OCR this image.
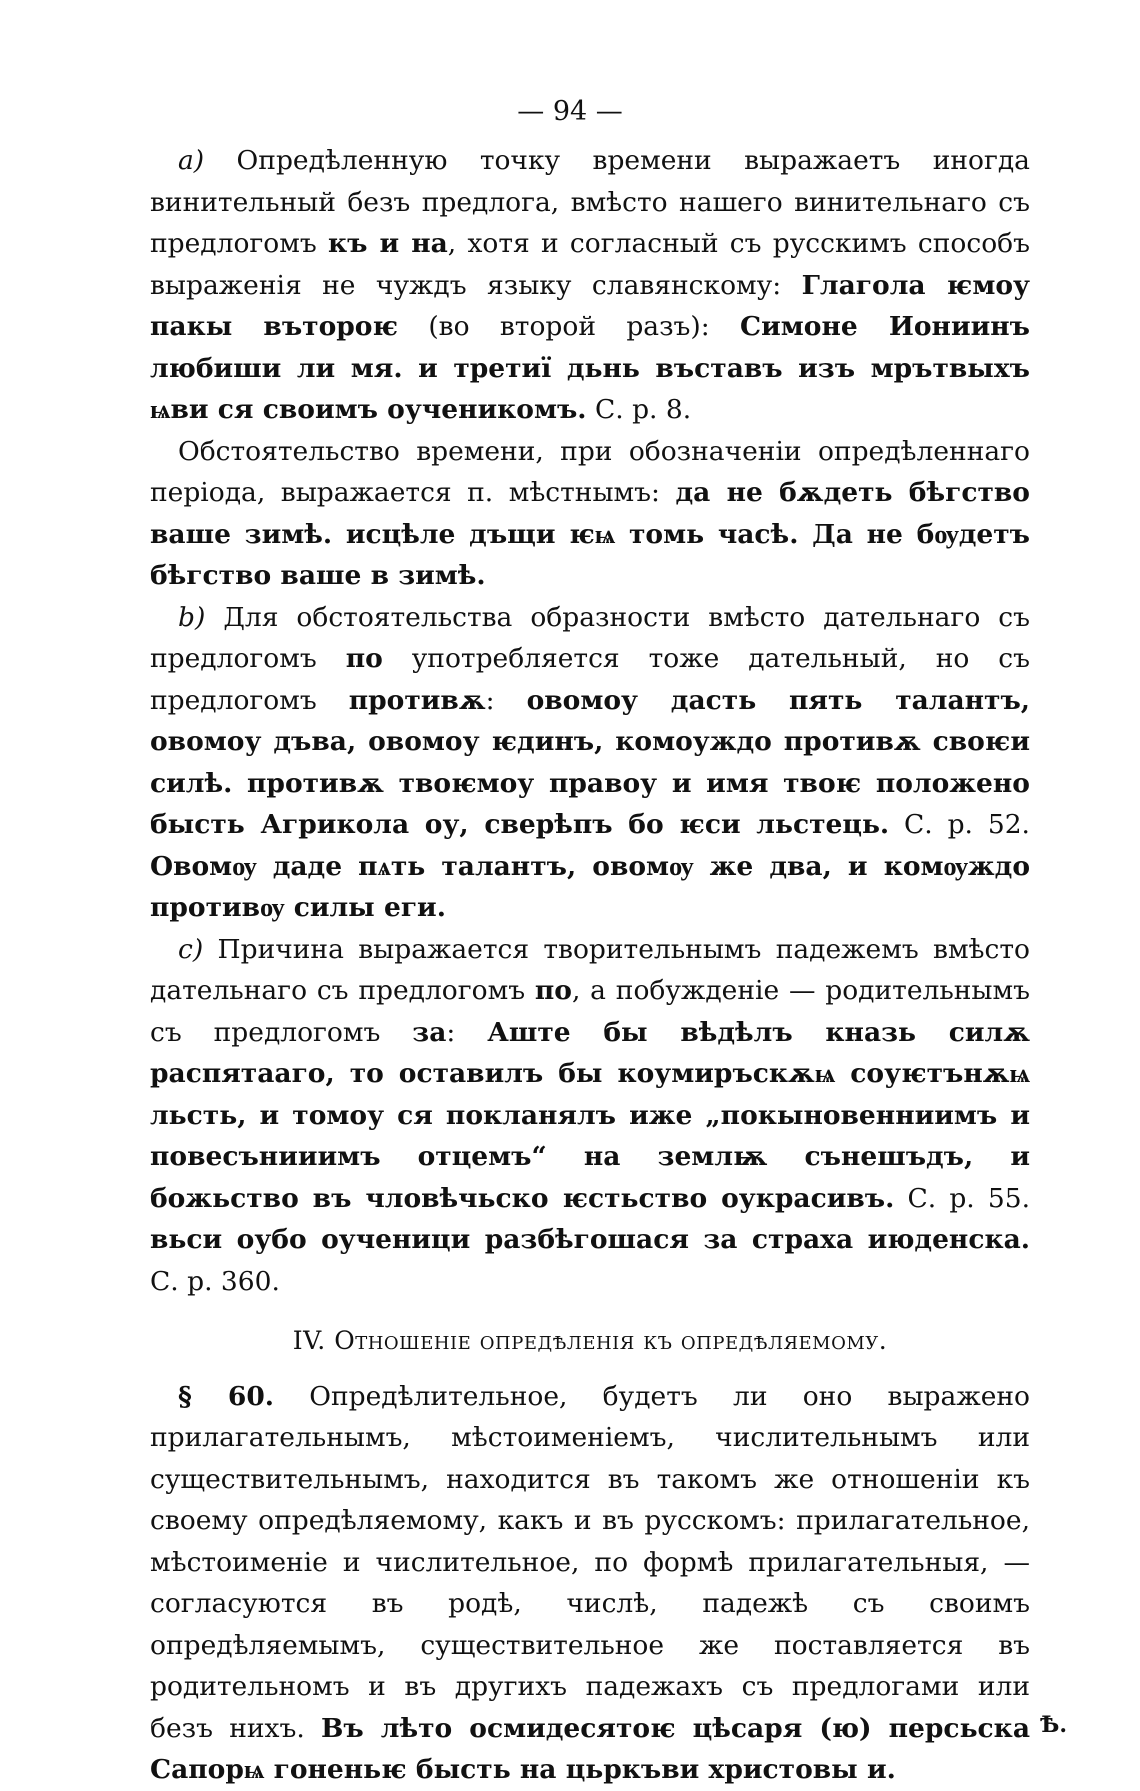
— 94 —

a) Опредѣленную точку времени выражаетъ иногда винительный безъ предлога, вмѣсто нашего винительнаго съ предлогомъ къ и на, хотя и согласный съ русскимъ способъ выраженія не чуждъ языку славянскому: Глагола ѥмоу пакы въторoѥ (во второй разъ): Симоне Иониинъ любиши ли мя. и третиї дьнь въставъ изъ мрътвыхъ ѩви ся своимъ оученикомъ. С. р. 8.

Обстоятельство времени, при обозначеніи опредѣленнаго періода, выражается п. мѣстнымъ: да не бѫдеть бѣгство ваше зимѣ. исцѣле дъщи ѥѩ томь часѣ. Да не бѹдетъ бѣгство ваше в зимѣ.

b) Для обстоятельства образности вмѣсто дательнаго съ предлогомъ по употребляется тоже дательный, но съ предлогомъ противѫ: овомоу дасть пять талантъ, овомоу дъва, овомоу ѥдинъ, комоуждо противѫ своѥи силѣ. противѫ твоѥмоу правоу и имя твоѥ положено бысть Агрикола оу, сверѣпъ бо ѥси льстець. С. р. 52. Овомѹ даде пѧть талантъ, овомѹ же два, и комѹждо противѹ силы еги.

c) Причина выражается творительнымъ падежемъ вмѣсто дательнаго съ предлогомъ по, а побужденіе — родительнымъ съ предлогомъ за: Аште бы вѣдѣлъ кназь силѫ распятааго, то оставилъ бы коумиръскѫѩ соуѥтънѫѩ льсть, и томоу ся покланялъ иже „покыновенниимъ и повесънииимъ отцемъ“ на землѭ сънешъдъ, и божьство въ чловѣчьско ѥстьство оукрасивъ. С. р. 55. вьси оубо оученици разбѣгошася за страха июденска. С. р. 360.

IV. Отношеніе опредѣленія къ опредѣляемому.

§ 60. Опредѣлительное, будетъ ли оно выражено прилагательнымъ, мѣстоименіемъ, числительнымъ или существительнымъ, находится въ такомъ же отношеніи къ своему опредѣляемому, какъ и въ русскомъ: прилагательное, мѣстоименіе и числительное, по формѣ прилагательныя, — согласуются въ родѣ, числѣ, падежѣ съ своимъ опредѣляемымъ, существительное же поставляется въ родительномъ и въ другихъ падежахъ съ предлогами или безъ нихъ. Въ лѣто осмидесятоѥ цѣсаря (ю) персьска Сапорѩ гоненьѥ бысть на цьркъви христовы и.

Ѣ.
